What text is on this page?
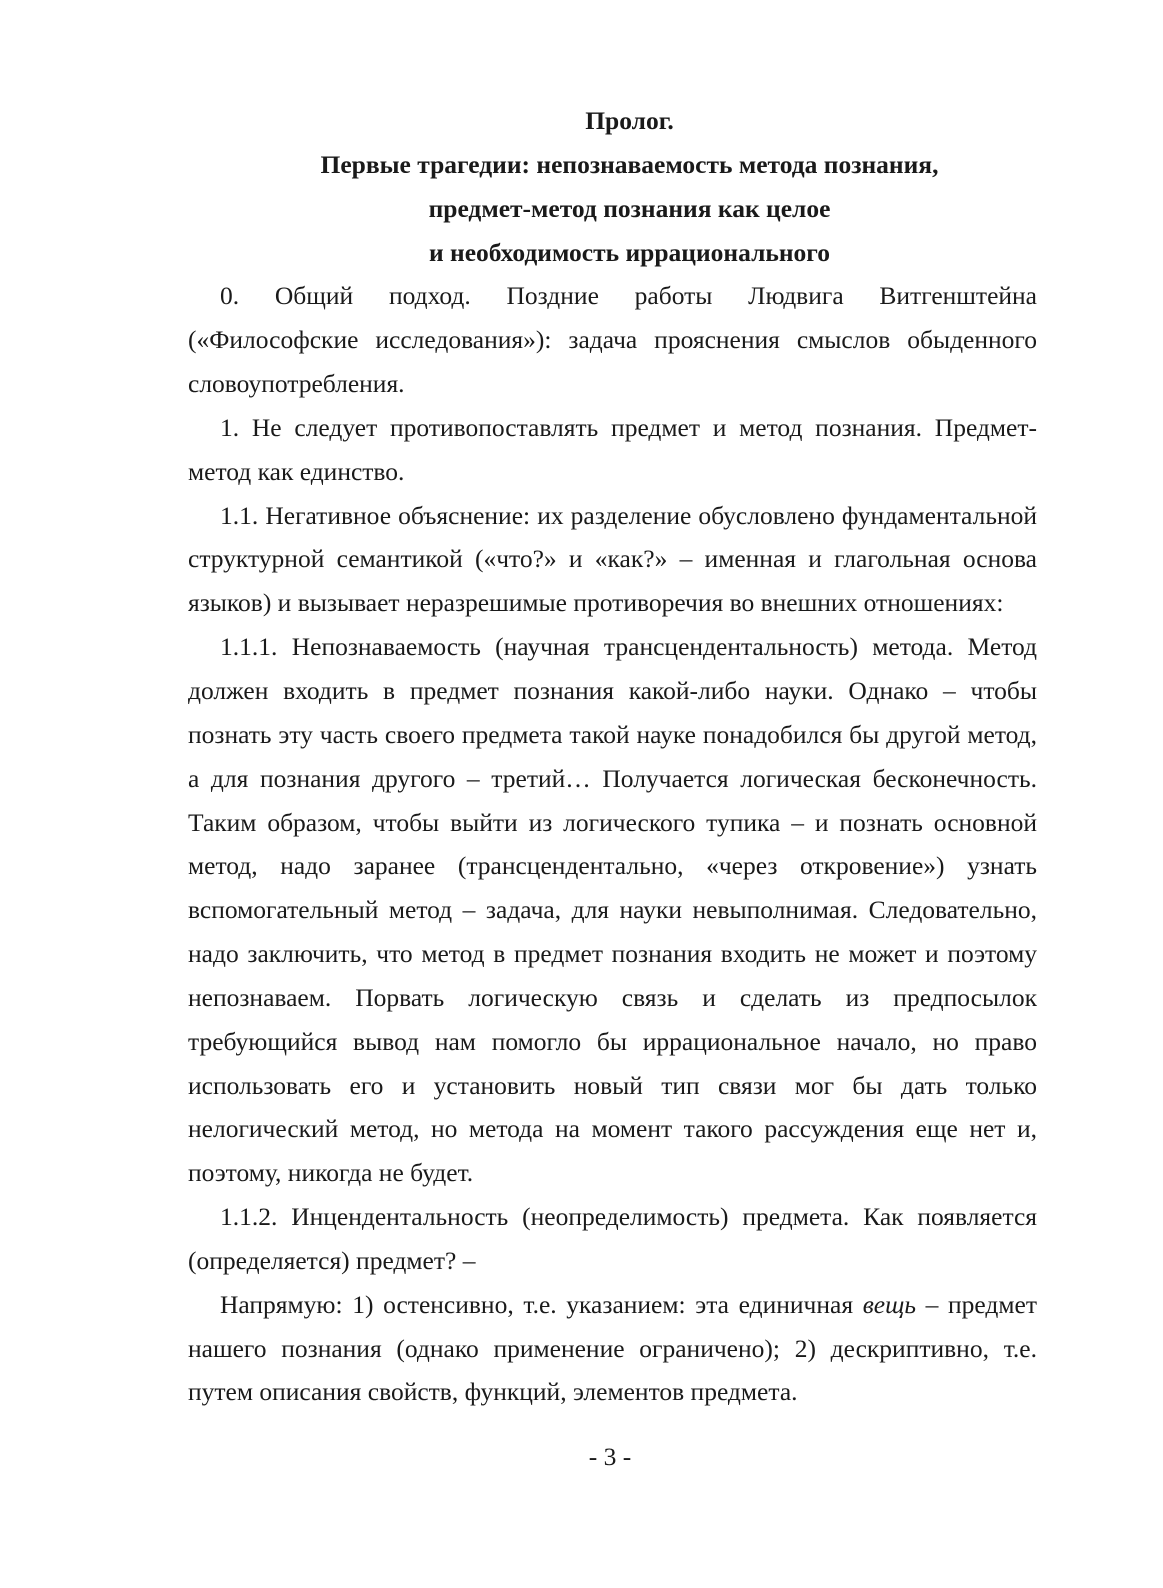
Пролог.
Первые трагедии: непознаваемость метода познания,
предмет-метод познания как целое
и необходимость иррационального
0. Общий подход. Поздние работы Людвига Витгенштейна
(«Философские исследования»): задача прояснения смыслов обыденного
словоупотребления.
1. Не следует противопоставлять предмет и метод познания. Предмет-
метод как единство.
1.1. Негативное объяснение: их разделение обусловлено фундаментальной
структурной семантикой («что?» и «как?» – именная и глагольная основа
языков) и вызывает неразрешимые противоречия во внешних отношениях:
1.1.1. Непознаваемость (научная трансцендентальность) метода. Метод
должен входить в предмет познания какой-либо науки. Однако – чтобы
познать эту часть своего предмета такой науке понадобился бы другой метод,
а для познания другого – третий… Получается логическая бесконечность.
Таким образом, чтобы выйти из логического тупика – и познать основной
метод, надо заранее (трансцендентально, «через откровение») узнать
вспомогательный метод – задача, для науки невыполнимая. Следовательно,
надо заключить, что метод в предмет познания входить не может и поэтому
непознаваем. Порвать логическую связь и сделать из предпосылок
требующийся вывод нам помогло бы иррациональное начало, но право
использовать его и установить новый тип связи мог бы дать только
нелогический метод, но метода на момент такого рассуждения еще нет и,
поэтому, никогда не будет.
1.1.2. Инцендентальность (неопределимость) предмета. Как появляется
(определяется) предмет? –
Напрямую: 1) остенсивно, т.е. указанием: эта единичная вещь – предмет
нашего познания (однако применение ограничено); 2) дескриптивно, т.е.
путем описания свойств, функций, элементов предмета.
- 3 -
